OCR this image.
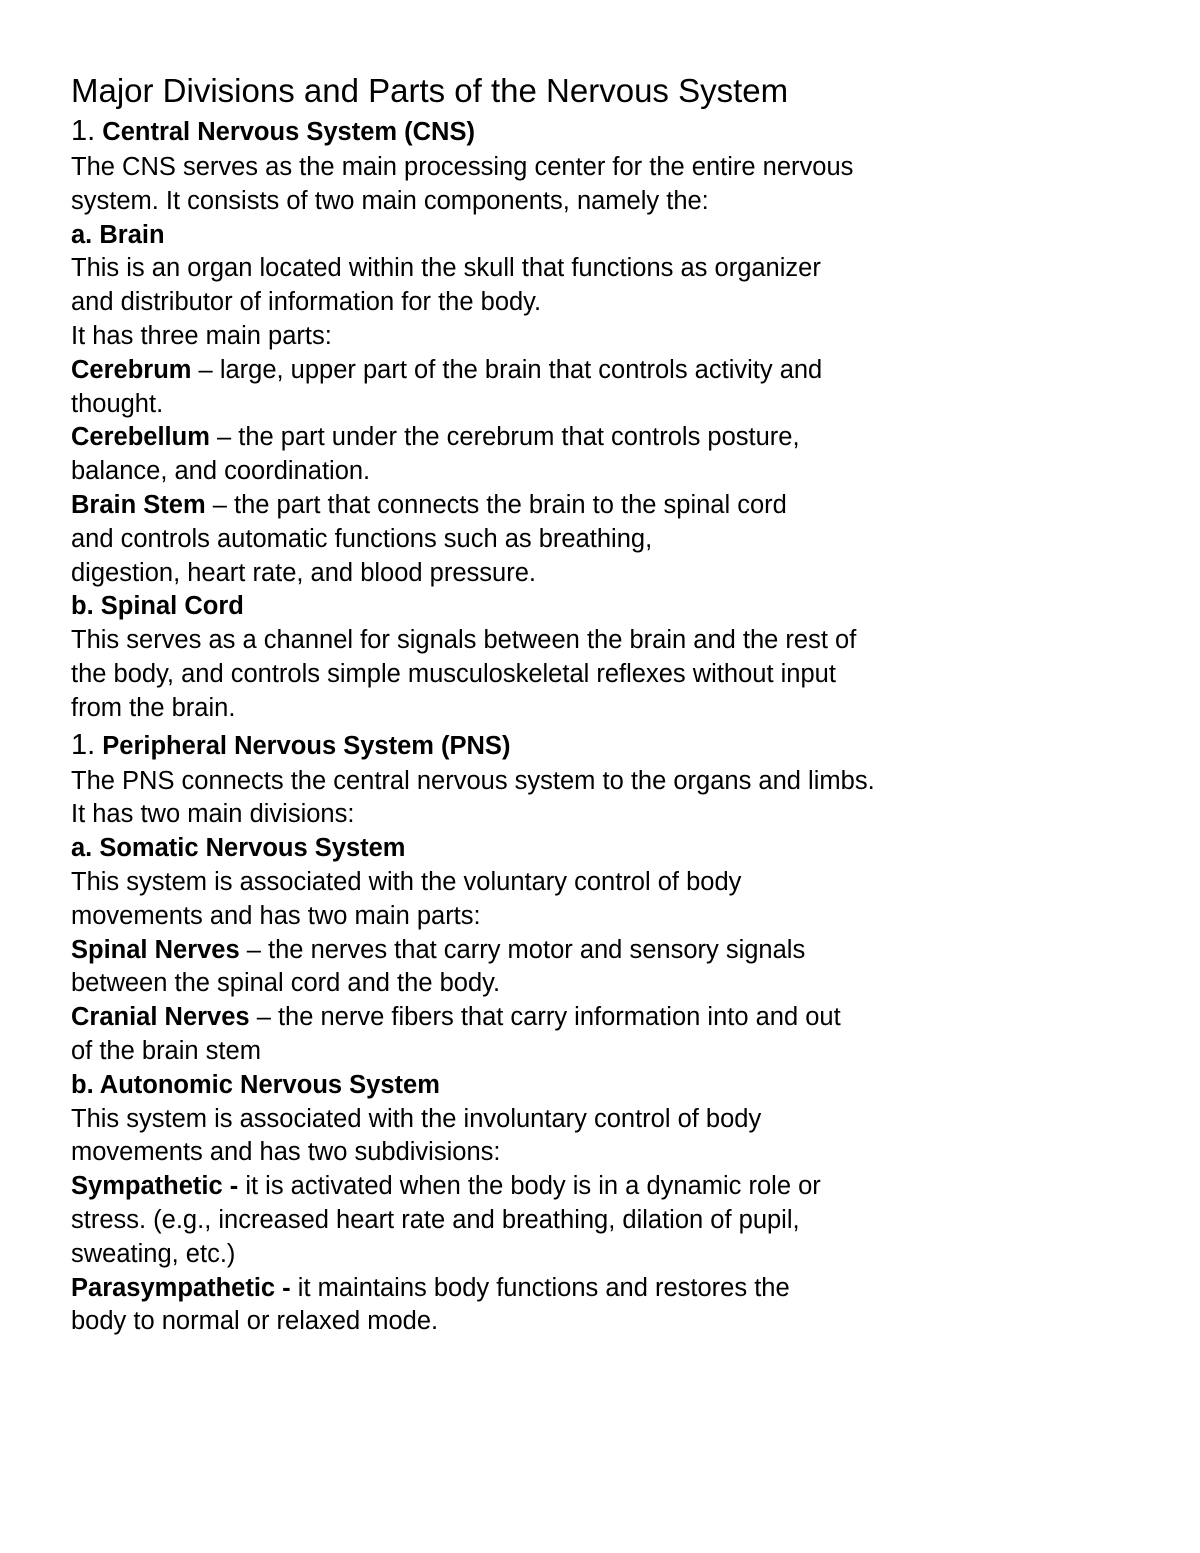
Major Divisions and Parts of the Nervous System
1. Central Nervous System (CNS)

The CNS serves as the main processing center for the entire nervous

system. It consists of two main components, namely the:

a. Brain

This is an organ located within the skull that functions as organizer

and distributor of information for the body.

It has three main parts:

Cerebrum – large, upper part of the brain that controls activity and

thought.

Cerebellum – the part under the cerebrum that controls posture,

balance, and coordination.

Brain Stem – the part that connects the brain to the spinal cord

and controls automatic functions such as breathing,

digestion, heart rate, and blood pressure.

b. Spinal Cord

This serves as a channel for signals between the brain and the rest of

the body, and controls simple musculoskeletal reflexes without input

from the brain.

1. Peripheral Nervous System (PNS)

The PNS connects the central nervous system to the organs and limbs.

It has two main divisions:

a. Somatic Nervous System

This system is associated with the voluntary control of body

movements and has two main parts:

Spinal Nerves – the nerves that carry motor and sensory signals

between the spinal cord and the body.

Cranial Nerves – the nerve fibers that carry information into and out

of the brain stem

b. Autonomic Nervous System

This system is associated with the involuntary control of body

movements and has two subdivisions:

Sympathetic - it is activated when the body is in a dynamic role or

stress. (e.g., increased heart rate and breathing, dilation of pupil,

sweating, etc.)

Parasympathetic - it maintains body functions and restores the

body to normal or relaxed mode.
